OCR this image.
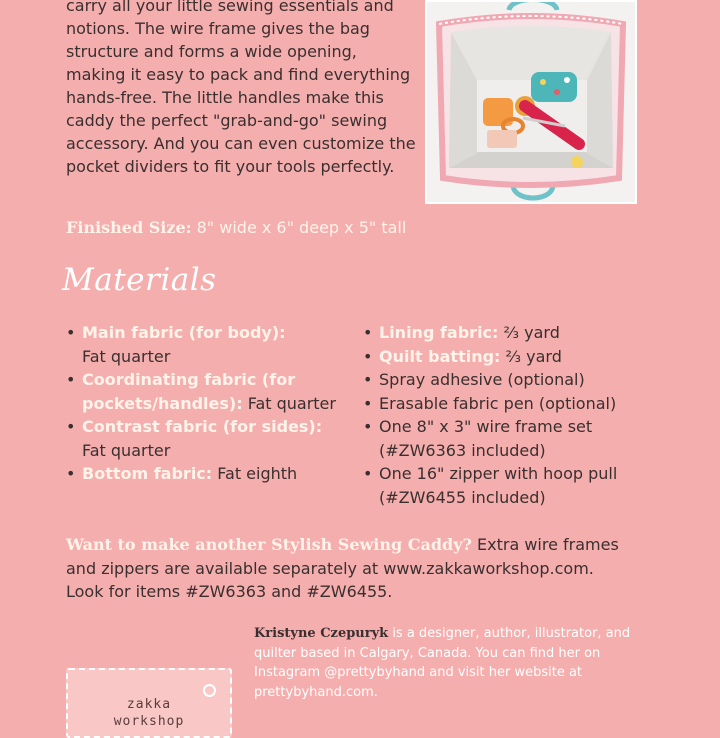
carry all your little sewing essentials and notions. The wire frame gives the bag structure and forms a wide opening, making it easy to pack and find everything hands-free. The little handles make this caddy the perfect "grab-and-go" sewing accessory. And you can even customize the pocket dividers to fit your tools perfectly.

Finished Size: 8" wide x 6" deep x 5" tall

Materials
• Main fabric (for body):
Fat quarter
• Coordinating fabric (for pockets/handles): Fat quarter
• Contrast fabric (for sides):
Fat quarter
• Bottom fabric: Fat eighth
• Lining fabric: ⅔ yard
• Quilt batting: ⅔ yard
• Spray adhesive (optional)
• Erasable fabric pen (optional)
• One 8" x 3" wire frame set (#ZW6363 included)
• One 16" zipper with hoop pull (#ZW6455 included)

Want to make another Stylish Sewing Caddy? Extra wire frames and zippers are available separately at www.zakkaworkshop.com. Look for items #ZW6363 and #ZW6455.

Kristyne Czepuryk is a designer, author, illustrator, and quilter based in Calgary, Canada. You can find her on Instagram @prettybyhand and visit her website at prettybyhand.com.

zakka
workshop
